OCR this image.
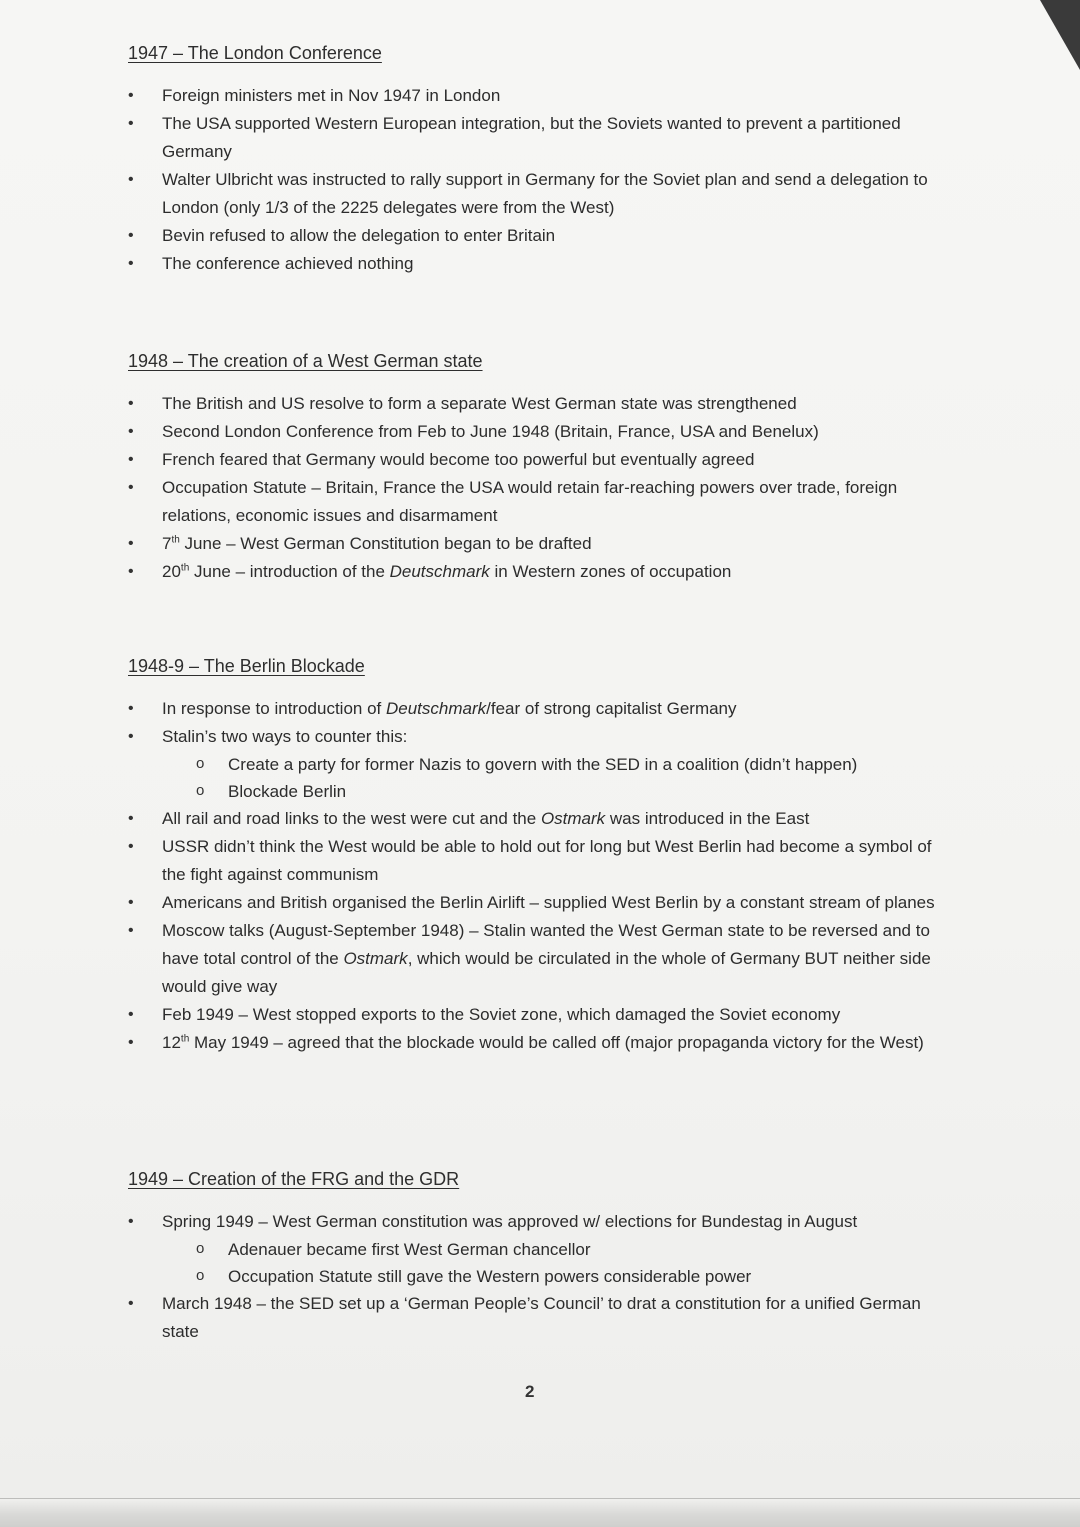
1947 – The London Conference
• Foreign ministers met in Nov 1947 in London
• The USA supported Western European integration, but the Soviets wanted to prevent a partitioned Germany
• Walter Ulbricht was instructed to rally support in Germany for the Soviet plan and send a delegation to London (only 1/3 of the 2225 delegates were from the West)
• Bevin refused to allow the delegation to enter Britain
• The conference achieved nothing
1948 – The creation of a West German state
• The British and US resolve to form a separate West German state was strengthened
• Second London Conference from Feb to June 1948 (Britain, France, USA and Benelux)
• French feared that Germany would become too powerful but eventually agreed
• Occupation Statute – Britain, France the USA would retain far-reaching powers over trade, foreign relations, economic issues and disarmament
• 7th June – West German Constitution began to be drafted
• 20th June – introduction of the Deutschmark in Western zones of occupation
1948-9 – The Berlin Blockade
• In response to introduction of Deutschmark/fear of strong capitalist Germany
• Stalin’s two ways to counter this:
o Create a party for former Nazis to govern with the SED in a coalition (didn’t happen)
o Blockade Berlin
• All rail and road links to the west were cut and the Ostmark was introduced in the East
• USSR didn’t think the West would be able to hold out for long but West Berlin had become a symbol of the fight against communism
• Americans and British organised the Berlin Airlift – supplied West Berlin by a constant stream of planes
• Moscow talks (August-September 1948) – Stalin wanted the West German state to be reversed and to have total control of the Ostmark, which would be circulated in the whole of Germany BUT neither side would give way
• Feb 1949 – West stopped exports to the Soviet zone, which damaged the Soviet economy
• 12th May 1949 – agreed that the blockade would be called off (major propaganda victory for the West)
1949 – Creation of the FRG and the GDR
• Spring 1949 – West German constitution was approved w/ elections for Bundestag in August
o Adenauer became first West German chancellor
o Occupation Statute still gave the Western powers considerable power
• March 1948 – the SED set up a ‘German People’s Council’ to drat a constitution for a unified German state
2
